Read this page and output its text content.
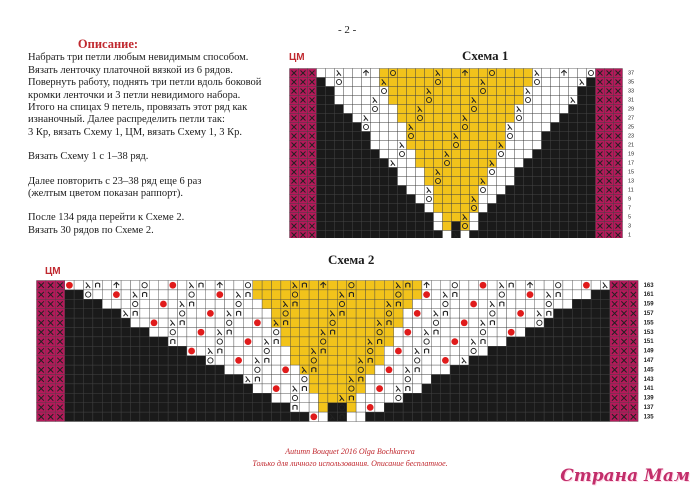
- 2 -
Описание:
Набрать три петли любым невидимым способом.
Вязать ленточку платочной вязкой из 6 рядов.
Повернуть работу, поднять три петли вдоль боковой
кромки ленточки и 3 петли невидимого набора.
Итого на спицах 9 петель, провязать этот ряд как
изнаночный. Далее распределить петли так:
3 Кр, вязать Схему 1, ЦМ, вязать Схему 1, 3 Кр.
Вязать Схему 1 с 1–38 ряд.
Далее повторить с 23–38 ряд еще 6 раз
(желтым цветом показан раппорт).
После 134 ряда перейти к Схеме 2.
Вязать 30 рядов по Схеме 2.
Схема 1
ЦМ
37
35
33
31
29
27
25
23
21
19
17
15
13
11
9
7
5
3
1
Схема 2
ЦМ
163
161
159
157
155
153
151
149
147
145
143
141
139
137
135
Autumn Bouquet 2016 Olga Bochkareva
Только для личного использования. Описание бесплатное.
Страна Мам
